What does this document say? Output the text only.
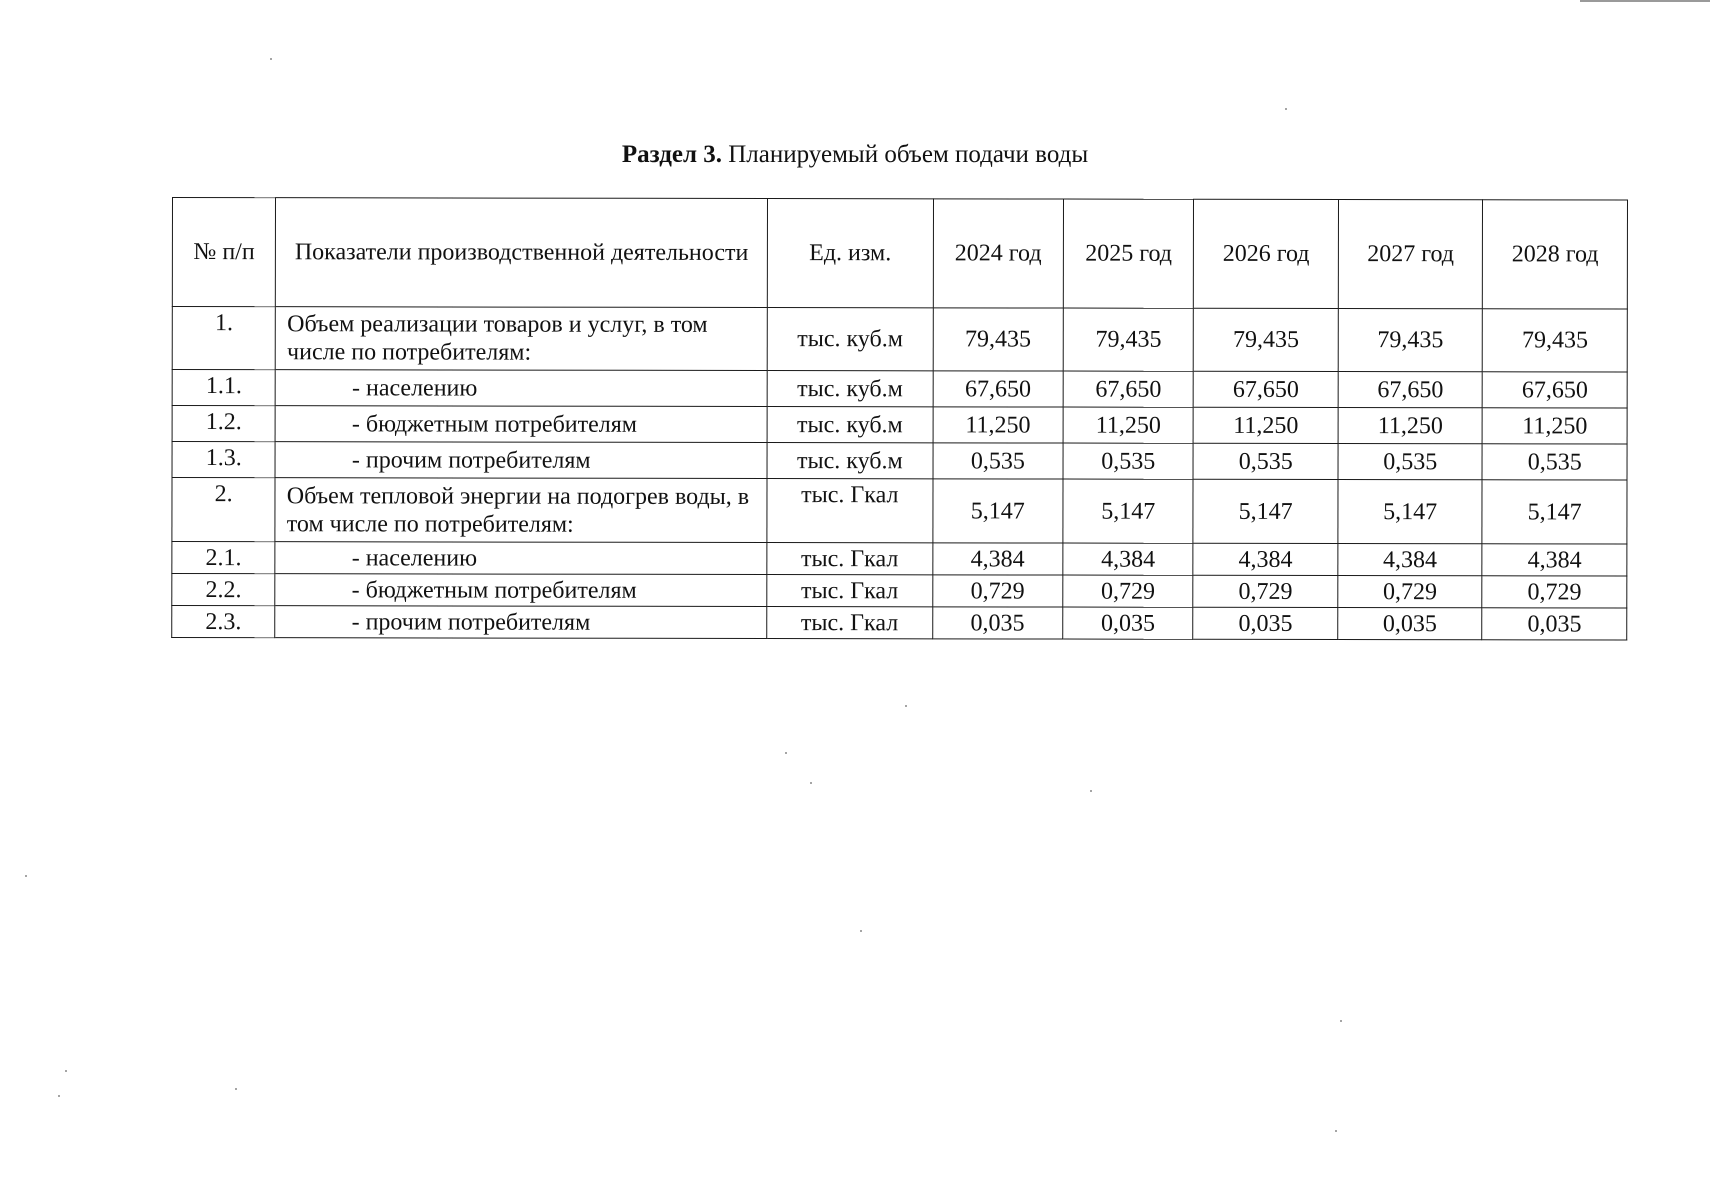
Раздел 3. Планируемый объем подачи воды
№ п/п	Показатели производственной деятельности	Ед. изм.	2024 год	2025 год	2026 год	2027 год	2028 год
1.	Объем реализации товаров и услуг, в том числе по потребителям:	тыс. куб.м	79,435	79,435	79,435	79,435	79,435
1.1.	- населению	тыс. куб.м	67,650	67,650	67,650	67,650	67,650
1.2.	- бюджетным потребителям	тыс. куб.м	11,250	11,250	11,250	11,250	11,250
1.3.	- прочим потребителям	тыс. куб.м	0,535	0,535	0,535	0,535	0,535
2.	Объем тепловой энергии на подогрев воды, в том числе по потребителям:	тыс. Гкал	5,147	5,147	5,147	5,147	5,147
2.1.	- населению	тыс. Гкал	4,384	4,384	4,384	4,384	4,384
2.2.	- бюджетным потребителям	тыс. Гкал	0,729	0,729	0,729	0,729	0,729
2.3.	- прочим потребителям	тыс. Гкал	0,035	0,035	0,035	0,035	0,035
